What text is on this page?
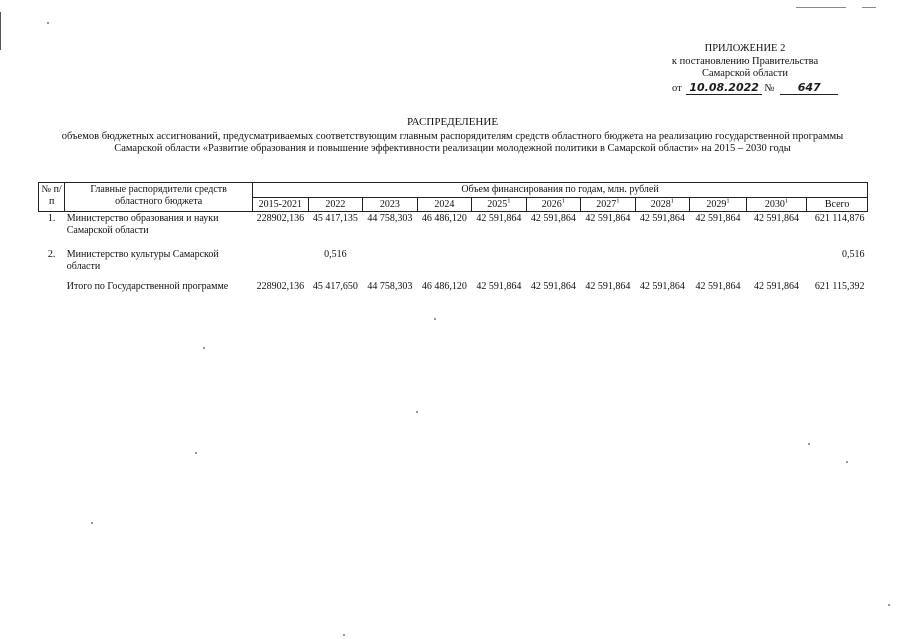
ПРИЛОЖЕНИЕ 2
к постановлению Правительства
Самарской области
от 10.08.2022 № 647
РАСПРЕДЕЛЕНИЕ
объемов бюджетных ассигнований, предусматриваемых соответствующим главным распорядителям средств областного бюджета на реализацию государственной программы
Самарской области «Развитие образования и повышение эффективности реализации молодежной политики в Самарской области» на 2015 – 2030 годы
№ п/п	Главные распорядители средств областного бюджета	Объем финансирования по годам, млн. рублей										
		2015-2021	2022	2023	2024	2025$^1$	2026$^1$	2027$^1$	2028$^1$	2029$^1$	2030$^1$	Всего
1.	Министерство образования и науки Самарской области	228902,136	45 417,135	44 758,303	46 486,120	42 591,864	42 591,864	42 591,864	42 591,864	42 591,864	42 591,864	621 114,876
2.	Министерство культуры Самарской области		0,516									0,516
	Итого по Государственной программе	228902,136	45 417,650	44 758,303	46 486,120	42 591,864	42 591,864	42 591,864	42 591,864	42 591,864	42 591,864	621 115,392
